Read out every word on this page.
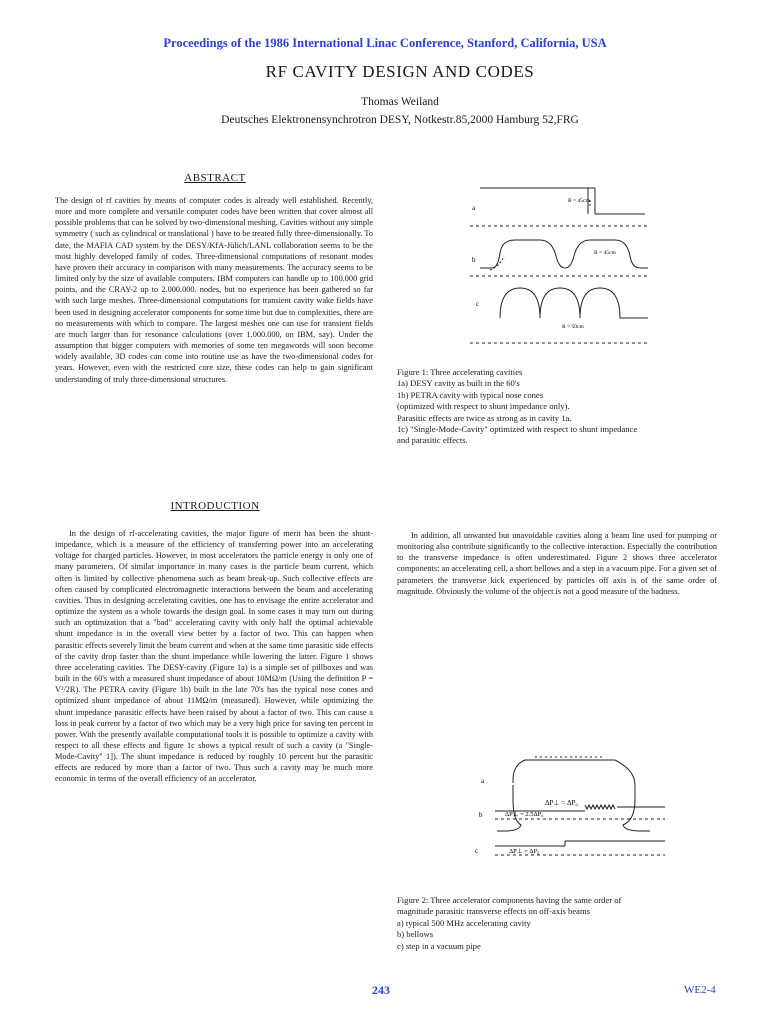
Proceedings of the 1986 International Linac Conference, Stanford, California, USA
RF CAVITY DESIGN AND CODES
Thomas Weiland
Deutsches Elektronensynchrotron DESY, Notkestr.85,2000 Hamburg 52,FRG
ABSTRACT
The design of rf cavities by means of computer codes is already well established. Recently, more and more complete and versatile computer codes have been written that cover almost all possible problems that can be solved by two-dimensional meshing. Cavities without any simple symmetry ( such as cylindrical or translational ) have to be treated fully three-dimensionally. To date, the MAFIA CAD system by the DESY/KfA-Jülich/LANL collaboration seems to be the most highly developed family of codes. Three-dimensional computations of resonant modes have proven their accuracy in comparison with many measurements. The accuracy seems to be limited only by the size of available computers. IBM computers can handle up to 100.000 grid points, and the CRAY-2 up to 2.000.000. nodes, but no experience has been gathered so far with such large meshes. Three-dimensional computations for transient cavity wake fields have been used in designing accelerator components for some time but due to complexities, there are no measurements with which to compare. The largest meshes one can use for transient fields are much larger than for resonance calculations (over 1.000.000, on IBM, say). Under the assumption that bigger computers with memories of some ten megawords will soon become widely available, 3D codes can come into routine use as have the two-dimensional codes for years. However, even with the restricted core size, these codes can help to gain significant understanding of truly three-dimensional structures.
INTRODUCTION
In the design of rf-accelerating cavities, the major figure of merit has been the shunt-impedance, which is a measure of the efficiency of transferring power into an accelerating voltage for charged particles. However, in most accelerators the particle energy is only one of many parameters. Of similar importance in many cases is the particle beam current, which often is limited by collective phenomena such as beam break-up. Such collective effects are often caused by complicated electromagnetic interactions between the beam and accelerating cavities. Thus in designing accelerating cavities, one has to envisage the entire accelerator and optimize the system as a whole towards the design goal. In some cases it may turn out during such an optimization that a "bad" accelerating cavity with only half the optimal achievable shunt impedance is in the overall view better by a factor of two. This can happen when parasitic effects severely limit the beam current and when at the same time parasitic side effects of the cavity drop faster than the shunt impedance while lowering the latter. Figure 1 shows three accelerating cavities. The DESY-cavity (Figure 1a) is a simple set of pillboxes and was built in the 60's with a measured shunt impedance of about 10MΩ/m (Using the definition P = V²/2R). The PETRA cavity (Figure 1b) built in the late 70's has the typical nose cones and optimized shunt impedance of about 11MΩ/m (measured). However, while optimizing the shunt impedance parasitic effects have been raised by about a factor of two. This can cause a loss in peak current by a factor of two which may be a very high price for saving ten percent in power. With the presently available computational tools it is possible to optimize a cavity with respect to all these effects and figure 1c shows a typical result of such a cavity (a "Single-Mode-Cavity" 1]). The shunt impedance is reduced by roughly 10 percent but the parasitic effects are reduced by more than a factor of two. Thus such a cavity may be much more economic in terms of the overall efficiency of an accelerator.
a
R = 45cm
b
R = 45cm
c
R = 50cm
Figure 1: Three accelerating cavities
1a) DESY cavity as built in the 60's
1b) PETRA cavity with typical nose cones
(optimized with respect to shunt impedance only).
Parasitic effects are twice as strong as in cavity 1a.
1c) "Single-Mode-Cavity" optimized with respect to shunt impedance
and parasitic effects.
In addition, all unwanted but unavoidable cavities along a beam line used for pumping or monitoring also contribute significantly to the collective interaction. Especially the contribution to the transverse impedance is often underestimated. Figure 2 shows three accelerator components: an accelerating cell, a short bellows and a step in a vacuum pipe. For a given set of parameters the transverse kick experienced by particles off axis is of the same order of magnitude. Obviously the volume of the object is not a good measure of the badness.
a
ΔP⊥ = ΔP₀
b	ΔP⊥ = 2.5ΔP₀
c	ΔP⊥ = ΔP₀
Figure 2: Three accelerator components having the same order of
magnitude parasitic transverse effects on off-axis beams
a) typical 500 MHz accelerating cavity
b) bellows
c) step in a vacuum pipe
243	WE2-4
